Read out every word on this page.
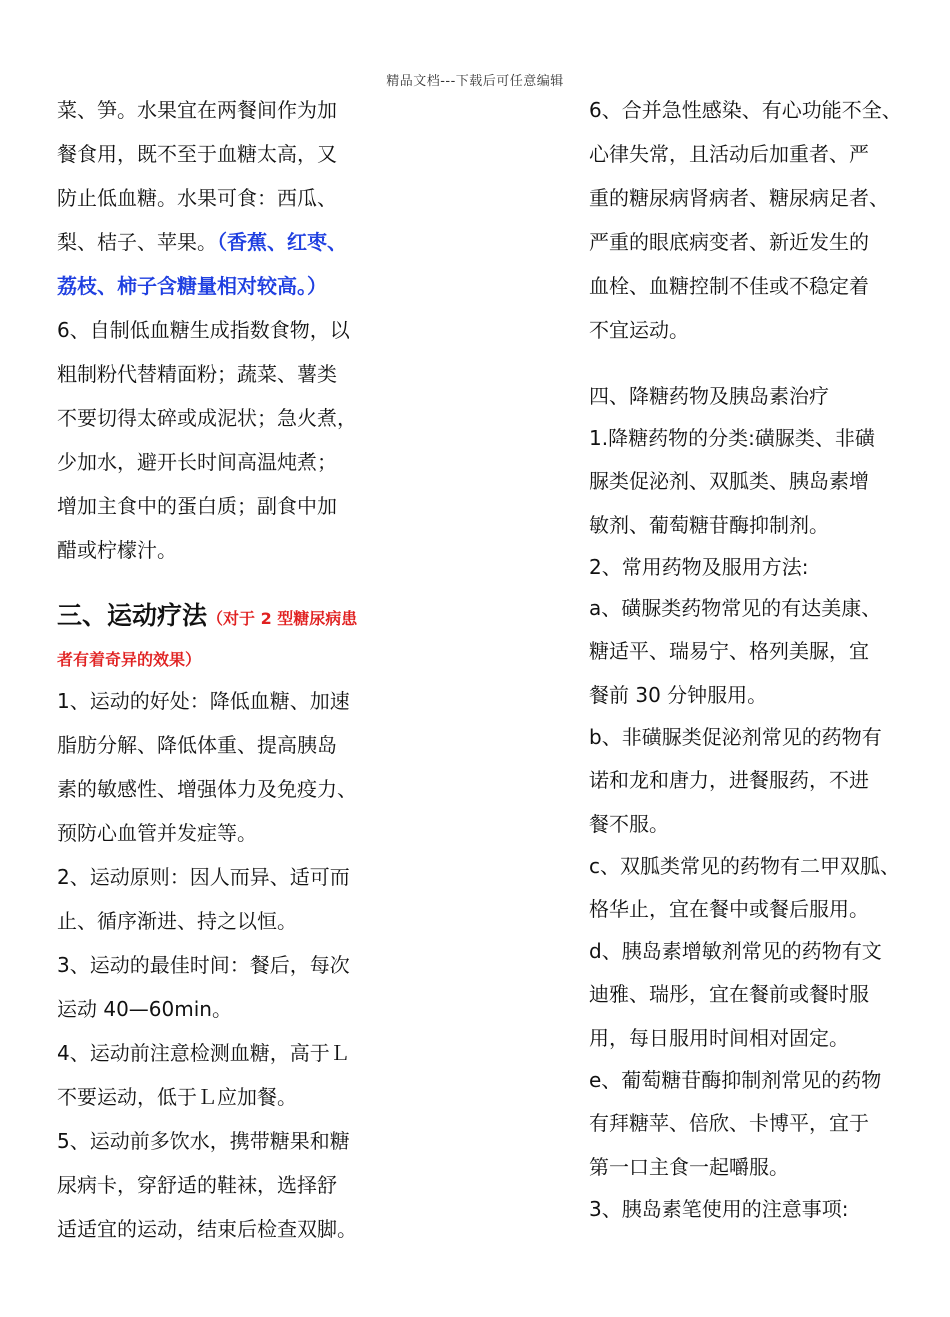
精品文档---下载后可任意编辑
菜、笋。水果宜在两餐间作为加
餐食用，既不至于血糖太高，又
防止低血糖。水果可食：西瓜、
梨、桔子、苹果。（香蕉、红枣、
荔枝、柿子含糖量相对较高。）
6、自制低血糖生成指数食物，以
粗制粉代替精面粉；蔬菜、薯类
不要切得太碎或成泥状；急火煮，
少加水，避开长时间高温炖煮；
增加主食中的蛋白质；副食中加
醋或柠檬汁。
三、运动疗法（对于 2 型糖尿病患
者有着奇异的效果）
1、运动的好处：降低血糖、加速
脂肪分解、降低体重、提高胰岛
素的敏感性、增强体力及免疫力、
预防心血管并发症等。
2、运动原则：因人而异、适可而
止、循序渐进、持之以恒。
3、运动的最佳时间：餐后，每次
运动 40—60min。
4、运动前注意检测血糖，高于Ｌ
不要运动，低于Ｌ应加餐。
5、运动前多饮水，携带糖果和糖
尿病卡，穿舒适的鞋袜，选择舒
适适宜的运动，结束后检查双脚。
6、合并急性感染、有心功能不全、
心律失常，且活动后加重者、严
重的糖尿病肾病者、糖尿病足者、
严重的眼底病变者、新近发生的
血栓、血糖控制不佳或不稳定着
不宜运动。
四、降糖药物及胰岛素治疗
1.降糖药物的分类:磺脲类、非磺
脲类促泌剂、双胍类、胰岛素增
敏剂、葡萄糖苷酶抑制剂。
2、常用药物及服用方法:
a、磺脲类药物常见的有达美康、
糖适平、瑞易宁、格列美脲，宜
餐前 30 分钟服用。
b、非磺脲类促泌剂常见的药物有
诺和龙和唐力，进餐服药，不进
餐不服。
c、双胍类常见的药物有二甲双胍、
格华止，宜在餐中或餐后服用。
d、胰岛素增敏剂常见的药物有文
迪雅、瑞彤，宜在餐前或餐时服
用，每日服用时间相对固定。
e、葡萄糖苷酶抑制剂常见的药物
有拜糖苹、倍欣、卡博平，宜于
第一口主食一起嚼服。
3、胰岛素笔使用的注意事项:
